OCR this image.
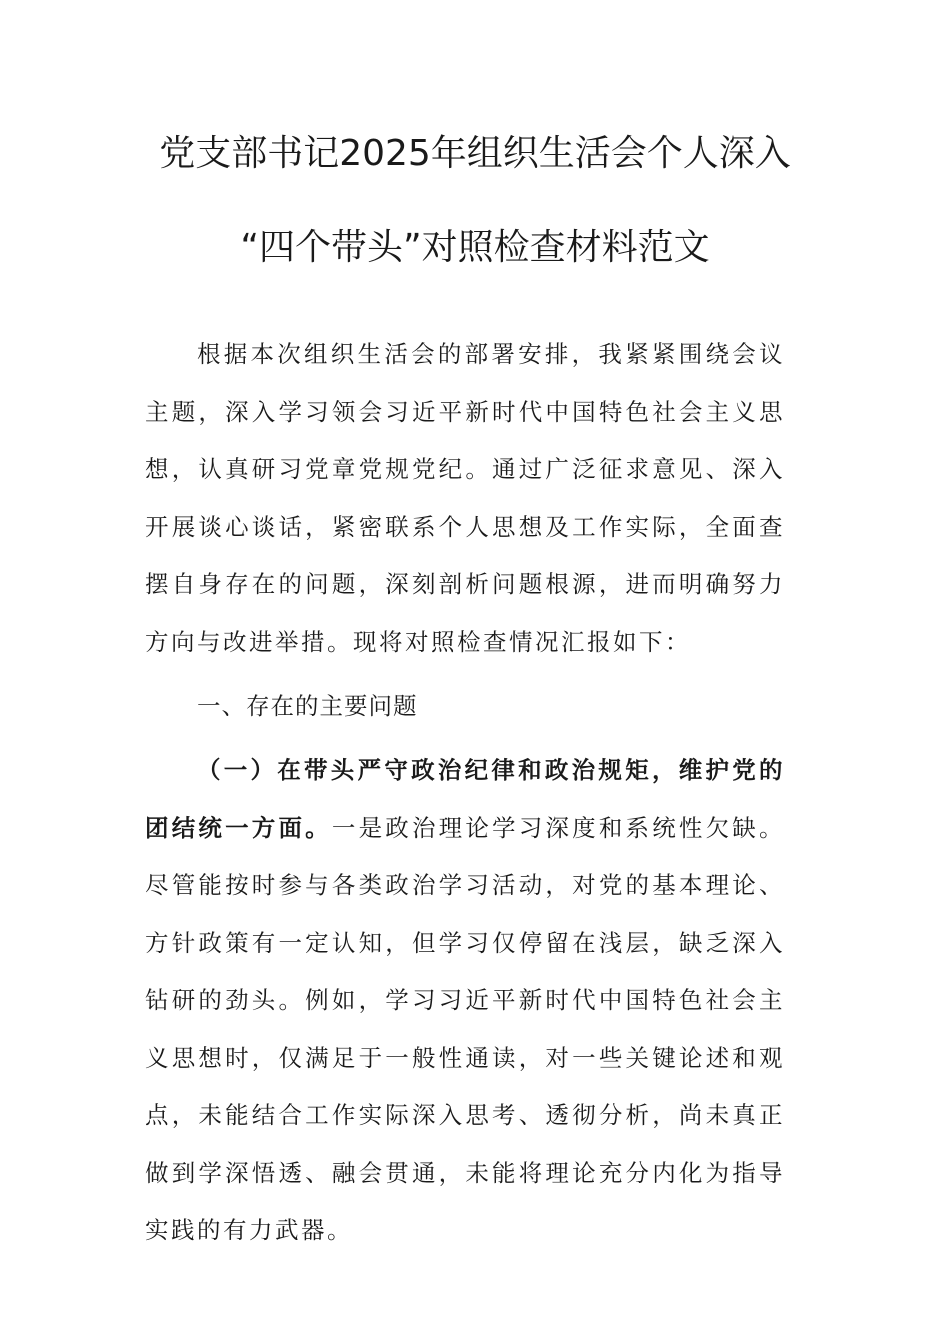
党支部书记2025年组织生活会个人深入
“四个带头”对照检查材料范文
根据本次组织生活会的部署安排，我紧紧围绕会议主题，深入学习领会习近平新时代中国特色社会主义思想，认真研习党章党规党纪。通过广泛征求意见、深入开展谈心谈话，紧密联系个人思想及工作实际，全面查摆自身存在的问题，深刻剖析问题根源，进而明确努力方向与改进举措。现将对照检查情况汇报如下：
一、存在的主要问题
（一）在带头严守政治纪律和政治规矩，维护党的团结统一方面。一是政治理论学习深度和系统性欠缺。尽管能按时参与各类政治学习活动，对党的基本理论、方针政策有一定认知，但学习仅停留在浅层，缺乏深入钻研的劲头。例如，学习习近平新时代中国特色社会主义思想时，仅满足于一般性通读，对一些关键论述和观点，未能结合工作实际深入思考、透彻分析，尚未真正做到学深悟透、融会贯通，未能将理论充分内化为指导实践的有力武器。
